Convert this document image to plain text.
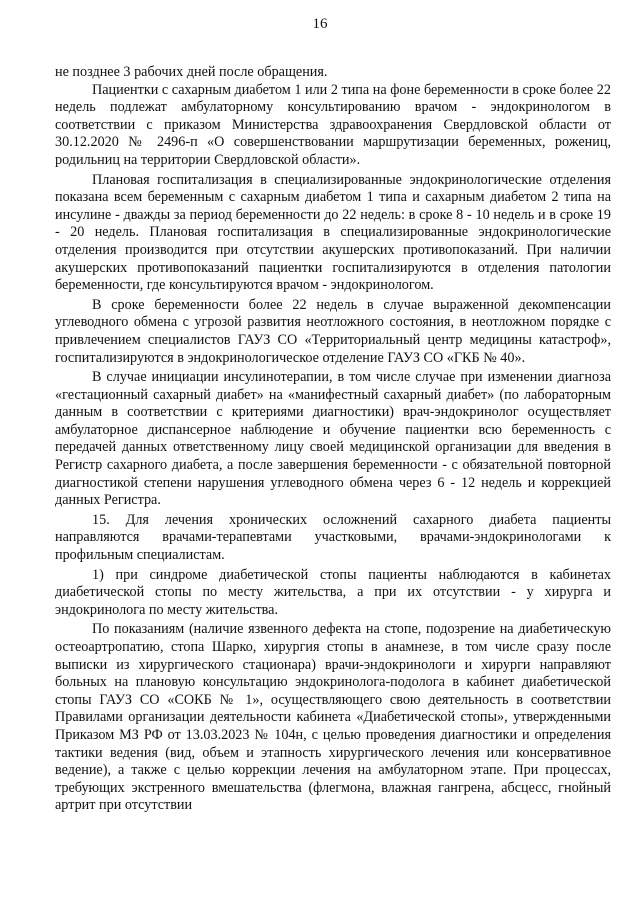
16

не позднее 3 рабочих дней после обращения.

Пациентки с сахарным диабетом 1 или 2 типа на фоне беременности в сроке более 22 недель подлежат амбулаторному консультированию врачом - эндокринологом в соответствии с приказом Министерства здравоохранения Свердловской области от 30.12.2020 № 2496-п «О совершенствовании маршрутизации беременных, рожениц, родильниц на территории Свердловской области».

Плановая госпитализация в специализированные эндокринологические отделения показана всем беременным с сахарным диабетом 1 типа и сахарным диабетом 2 типа на инсулине - дважды за период беременности до 22 недель: в сроке 8 - 10 недель и в сроке 19 - 20 недель. Плановая госпитализация в специализированные эндокринологические отделения производится при отсутствии акушерских противопоказаний. При наличии акушерских противопоказаний пациентки госпитализируются в отделения патологии беременности, где консультируются врачом - эндокринологом.

В сроке беременности более 22 недель в случае выраженной декомпенсации углеводного обмена с угрозой развития неотложного состояния, в неотложном порядке с привлечением специалистов ГАУЗ СО «Территориальный центр медицины катастроф», госпитализируются в эндокринологическое отделение ГАУЗ СО «ГКБ № 40».

В случае инициации инсулинотерапии, в том числе случае при изменении диагноза «гестационный сахарный диабет» на «манифестный сахарный диабет» (по лабораторным данным в соответствии с критериями диагностики) врач-эндокринолог осуществляет амбулаторное диспансерное наблюдение и обучение пациентки всю беременность с передачей данных ответственному лицу своей медицинской организации для введения в Регистр сахарного диабета, а после завершения беременности - с обязательной повторной диагностикой степени нарушения углеводного обмена через 6 - 12 недель и коррекцией данных Регистра.

15. Для лечения хронических осложнений сахарного диабета пациенты направляются врачами-терапевтами участковыми, врачами-эндокринологами к профильным специалистам.

1) при синдроме диабетической стопы пациенты наблюдаются в кабинетах диабетической стопы по месту жительства, а при их отсутствии - у хирурга и эндокринолога по месту жительства.

По показаниям (наличие язвенного дефекта на стопе, подозрение на диабетическую остеоартропатию, стопа Шарко, хирургия стопы в анамнезе, в том числе сразу после выписки из хирургического стационара) врачи-эндокринологи и хирурги направляют больных на плановую консультацию эндокринолога-подолога в кабинет диабетической стопы ГАУЗ СО «СОКБ № 1», осуществляющего свою деятельность в соответствии Правилами организации деятельности кабинета «Диабетической стопы», утвержденными Приказом МЗ РФ от 13.03.2023 № 104н, с целью проведения диагностики и определения тактики ведения (вид, объем и этапность хирургического лечения или консервативное ведение), а также с целью коррекции лечения на амбулаторном этапе. При процессах, требующих экстренного вмешательства (флегмона, влажная гангрена, абсцесс, гнойный артрит при отсутствии
